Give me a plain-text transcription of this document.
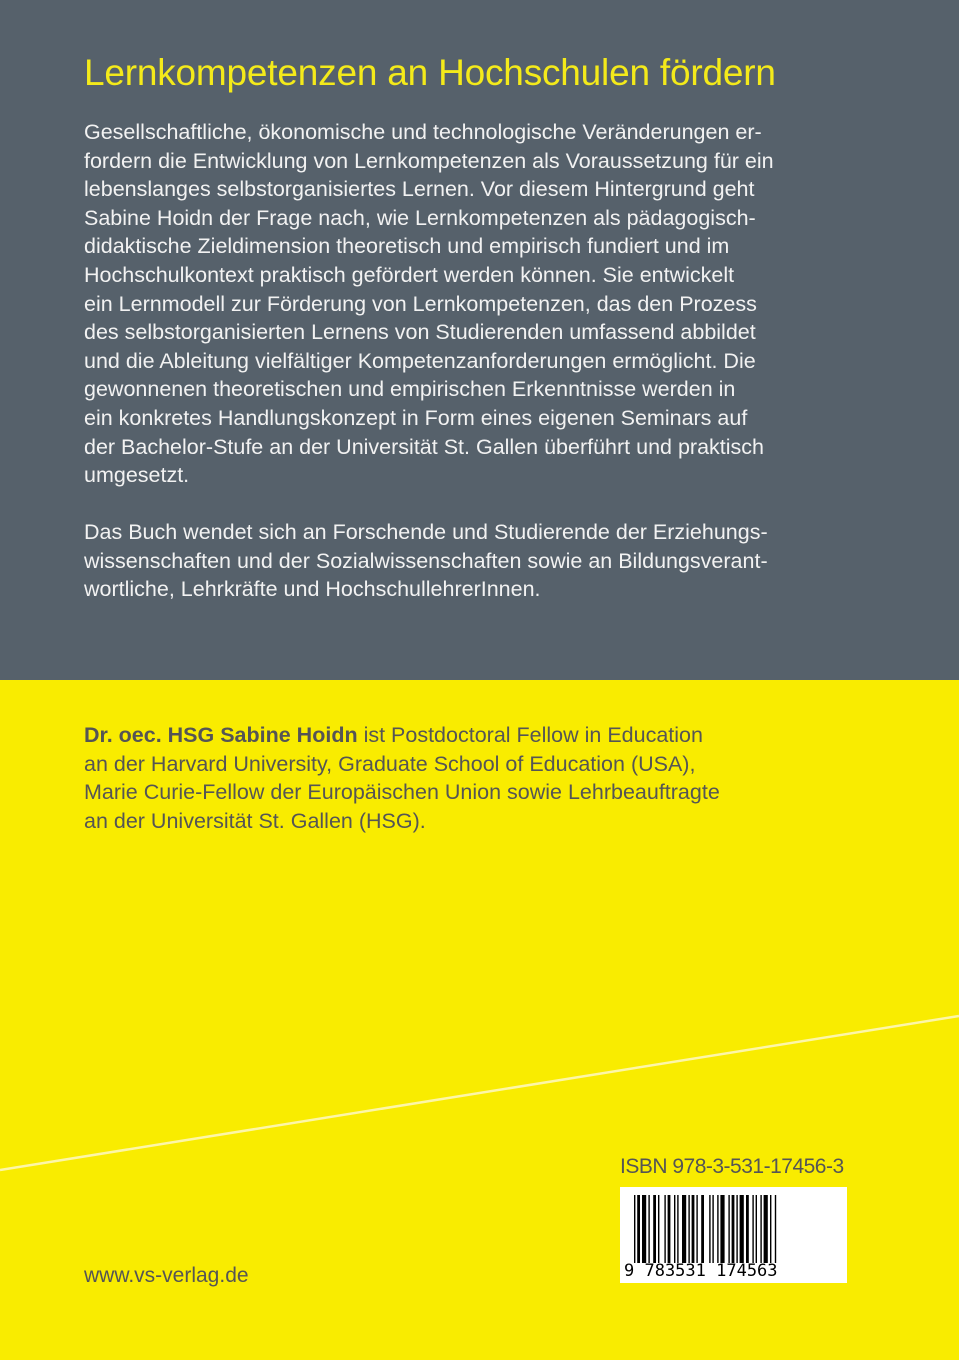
Lernkompetenzen an Hochschulen fördern
Gesellschaftliche, ökonomische und technologische Veränderungen er-
fordern die Entwicklung von Lernkompetenzen als Voraussetzung für ein
lebenslanges selbstorganisiertes Lernen. Vor diesem Hintergrund geht
Sabine Hoidn der Frage nach, wie Lernkompetenzen als pädagogisch-
didaktische Zieldimension theoretisch und empirisch fundiert und im
Hochschulkontext praktisch gefördert werden können. Sie entwickelt
ein Lernmodell zur Förderung von Lernkompetenzen, das den Prozess
des selbstorganisierten Lernens von Studierenden umfassend abbildet
und die Ableitung vielfältiger Kompetenzanforderungen ermöglicht. Die
gewonnenen theoretischen und empirischen Erkenntnisse werden in
ein konkretes Handlungskonzept in Form eines eigenen Seminars auf
der Bachelor-Stufe an der Universität St. Gallen überführt und praktisch
umgesetzt.
Das Buch wendet sich an Forschende und Studierende der Erziehungs-
wissenschaften und der Sozialwissenschaften sowie an Bildungsverant-
wortliche, Lehrkräfte und HochschullehrerInnen.
Dr. oec. HSG Sabine Hoidn ist Postdoctoral Fellow in Education
an der Harvard University, Graduate School of Education (USA),
Marie Curie-Fellow der Europäischen Union sowie Lehrbeauftragte
an der Universität St. Gallen (HSG).
ISBN 978-3-531-17456-3
9 783531 174563
www.vs-verlag.de
